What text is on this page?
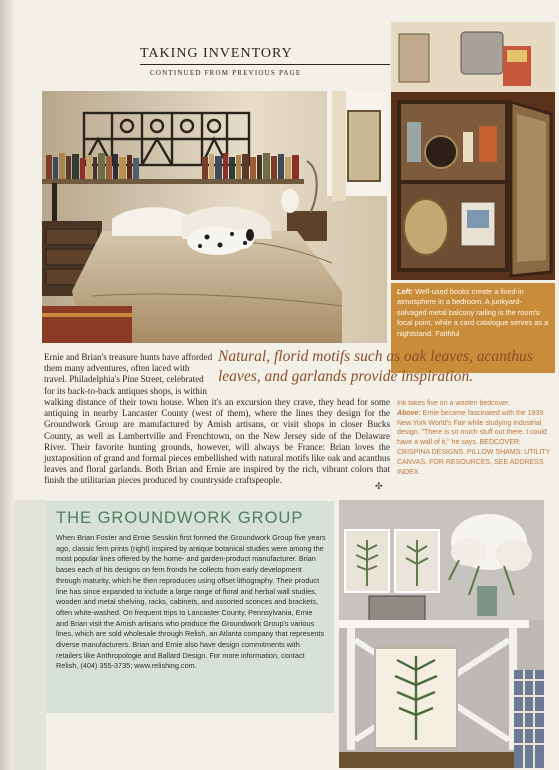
TAKING INVENTORY
CONTINUED FROM PREVIOUS PAGE
Left: Well-used books create a lived-in atmosphere in a bedroom. A junkyard-salvaged metal balcony railing is the room's focal point, while a card catalogue serves as a nightstand. Faithful
Natural, florid motifs such as oak leaves, acanthus leaves, and garlands provide inspiration.
Ernie and Brian's treasure hunts have afforded them many adventures, often laced with travel. Philadelphia's Pine Street, celebrated for its back-to-back antiques shops, is within
walking distance of their town house. When it's an excursion they crave, they head for some antiquing in nearby Lancaster County (west of them), where the lines they design for the Groundwork Group are manufactured by Amish artisans, or visit shops in closer Bucks County, as well as Lambertville and Frenchtown, on the New Jersey side of the Delaware River. Their favorite hunting grounds, however, will always be France: Brian loves the juxtaposition of grand and formal pieces embellished with natural motifs like oak and acanthus leaves and floral garlands. Both Brian and Ernie are inspired by the rich, vibrant colors that finish the utilitarian pieces produced by countryside craftspeople.
Ink takes five on a woolen bedcover.
Above: Ernie became fascinated with the 1939 New York World's Fair while studying industrial design. "There is so much stuff out there. I could have a wall of it," he says. BEDCOVER: CRISPINA DESIGNS. PILLOW SHAMS: UTILITY CANVAS. FOR RESOURCES, SEE ADDRESS INDEX.
✣
THE GROUNDWORK GROUP
When Brian Foster and Ernie Sesskin first formed the Groundwork Group five years ago, classic fern prints (right) inspired by antique botanical studies were among the most popular lines offered by the home- and garden-product manufacturer. Brian bases each of his designs on fern fronds he collects from early development through maturity, which he then reproduces using offset lithography. Their product line has since expanded to include a large range of floral and herbal wall studies, wooden and metal shelving, racks, cabinets, and assorted sconces and brackets, often white-washed. On frequent trips to Lancaster County, Pennsylvania, Ernie and Brian visit the Amish artisans who produce the Groundwork Group's various lines, which are sold wholesale through Relish, an Atlanta company that represents diverse manufacturers. Brian and Ernie also have design commitments with retailers like Anthropologie and Ballard Design. For more information, contact Relish, (404) 355-3735; www.relishing.com.
